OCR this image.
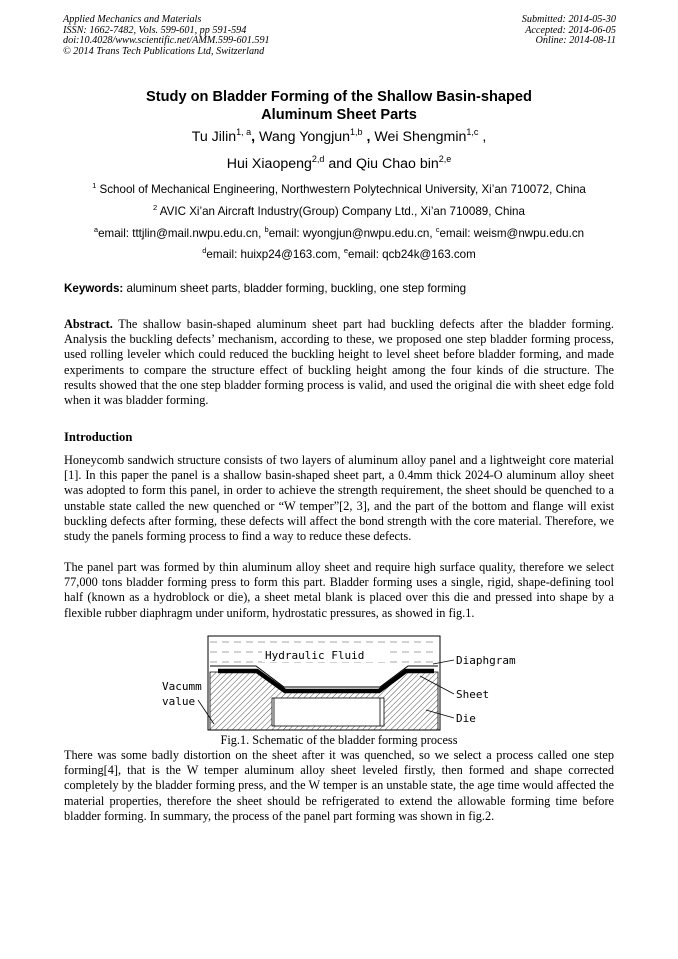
Applied Mechanics and Materials
ISSN: 1662-7482, Vols. 599-601, pp 591-594
doi:10.4028/www.scientific.net/AMM.599-601.591
© 2014 Trans Tech Publications Ltd, Switzerland
Submitted: 2014-05-30
Accepted: 2014-06-05
Online: 2014-08-11
Study on Bladder Forming of the Shallow Basin-shaped
Aluminum Sheet Parts
Tu Jilin$^{1, a}$, Wang Yongjun$^{1,b}$ , Wei Shengmin$^{1,c}$ ,
Hui Xiaopeng$^{2,d}$ and Qiu Chao bin$^{2,e}$
$^1$ School of Mechanical Engineering, Northwestern Polytechnical University, Xi’an 710072, China
$^2$ AVIC Xi’an Aircraft Industry(Group) Company Ltd., Xi’an 710089, China
$^a$email: tttjlin@mail.nwpu.edu.cn, $^b$email: wyongjun@nwpu.edu.cn, $^c$email: weism@nwpu.edu.cn
$^d$email: huixp24@163.com, $^e$email: qcb24k@163.com
Keywords: aluminum sheet parts, bladder forming, buckling, one step forming
Abstract. The shallow basin-shaped aluminum sheet part had buckling defects after the bladder forming. Analysis the buckling defects’ mechanism, according to these, we proposed one step bladder forming process, used rolling leveler which could reduced the buckling height to level sheet before bladder forming, and made experiments to compare the structure effect of buckling height among the four kinds of die structure. The results showed that the one step bladder forming process is valid, and used the original die with sheet edge fold when it was bladder forming.
Introduction
Honeycomb sandwich structure consists of two layers of aluminum alloy panel and a lightweight core material [1]. In this paper the panel is a shallow basin-shaped sheet part, a 0.4mm thick 2024-O aluminum alloy sheet was adopted to form this panel, in order to achieve the strength requirement, the sheet should be quenched to a unstable state called the new quenched or “W temper”[2, 3], and the part of the bottom and flange will exist buckling defects after forming, these defects will affect the bond strength with the core material. Therefore, we study the panels forming process to find a way to reduce these defects.
The panel part was formed by thin aluminum alloy sheet and require high surface quality, therefore we select 77,000 tons bladder forming press to form this part. Bladder forming uses a single, rigid, shape-defining tool half (known as a hydroblock or die), a sheet metal blank is placed over this die and pressed into shape by a flexible rubber diaphragm under uniform, hydrostatic pressures, as showed in fig.1.
Hydraulic Fluid	Diaphgram
Sheet
Die
Vacumm
value
Fig.1. Schematic of the bladder forming process
There was some badly distortion on the sheet after it was quenched, so we select a process called one step forming[4], that is the W temper aluminum alloy sheet leveled firstly, then formed and shape corrected completely by the bladder forming press, and the W temper is an unstable state, the age time would affected the material properties, therefore the sheet should be refrigerated to extend the allowable forming time before bladder forming. In summary, the process of the panel part forming was shown in fig.2.
